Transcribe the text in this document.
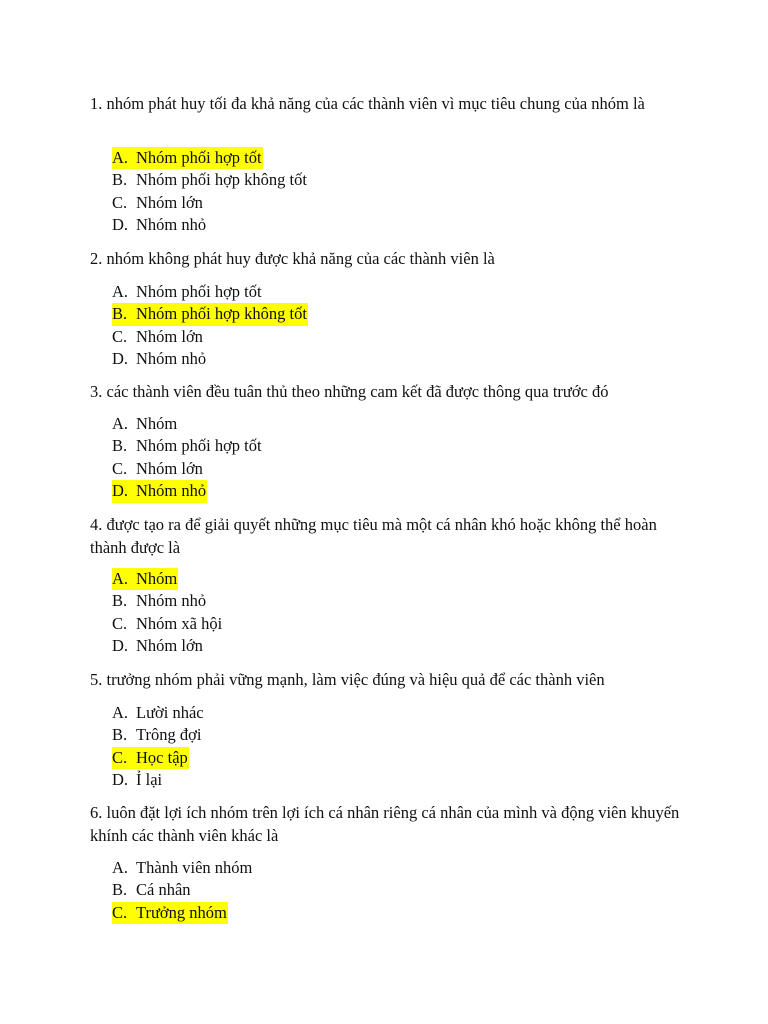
1. nhóm phát huy tối đa khả năng của các thành viên vì mục tiêu chung của nhóm là
A. Nhóm phối hợp tốt
B. Nhóm phối hợp không tốt
C. Nhóm lớn
D. Nhóm nhỏ
2. nhóm không phát huy được khả năng của các thành viên là
A. Nhóm phối hợp tốt
B. Nhóm phối hợp không tốt
C. Nhóm lớn
D. Nhóm nhỏ
3. các thành viên đều tuân thủ theo những cam kết đã được thông qua trước đó
A. Nhóm
B. Nhóm phối hợp tốt
C. Nhóm lớn
D. Nhóm nhỏ
4. được tạo ra để giải quyết những mục tiêu mà một cá nhân khó hoặc không thể hoàn thành được là
A. Nhóm
B. Nhóm nhỏ
C. Nhóm xã hội
D. Nhóm lớn
5. trưởng nhóm phải vững mạnh, làm việc đúng và hiệu quả để các thành viên
A. Lười nhác
B. Trông đợi
C. Học tập
D. Ỉ lại
6. luôn đặt lợi ích nhóm trên lợi ích cá nhân riêng cá nhân của mình và động viên khuyến khính các thành viên khác là
A. Thành viên nhóm
B. Cá nhân
C. Trưởng nhóm
